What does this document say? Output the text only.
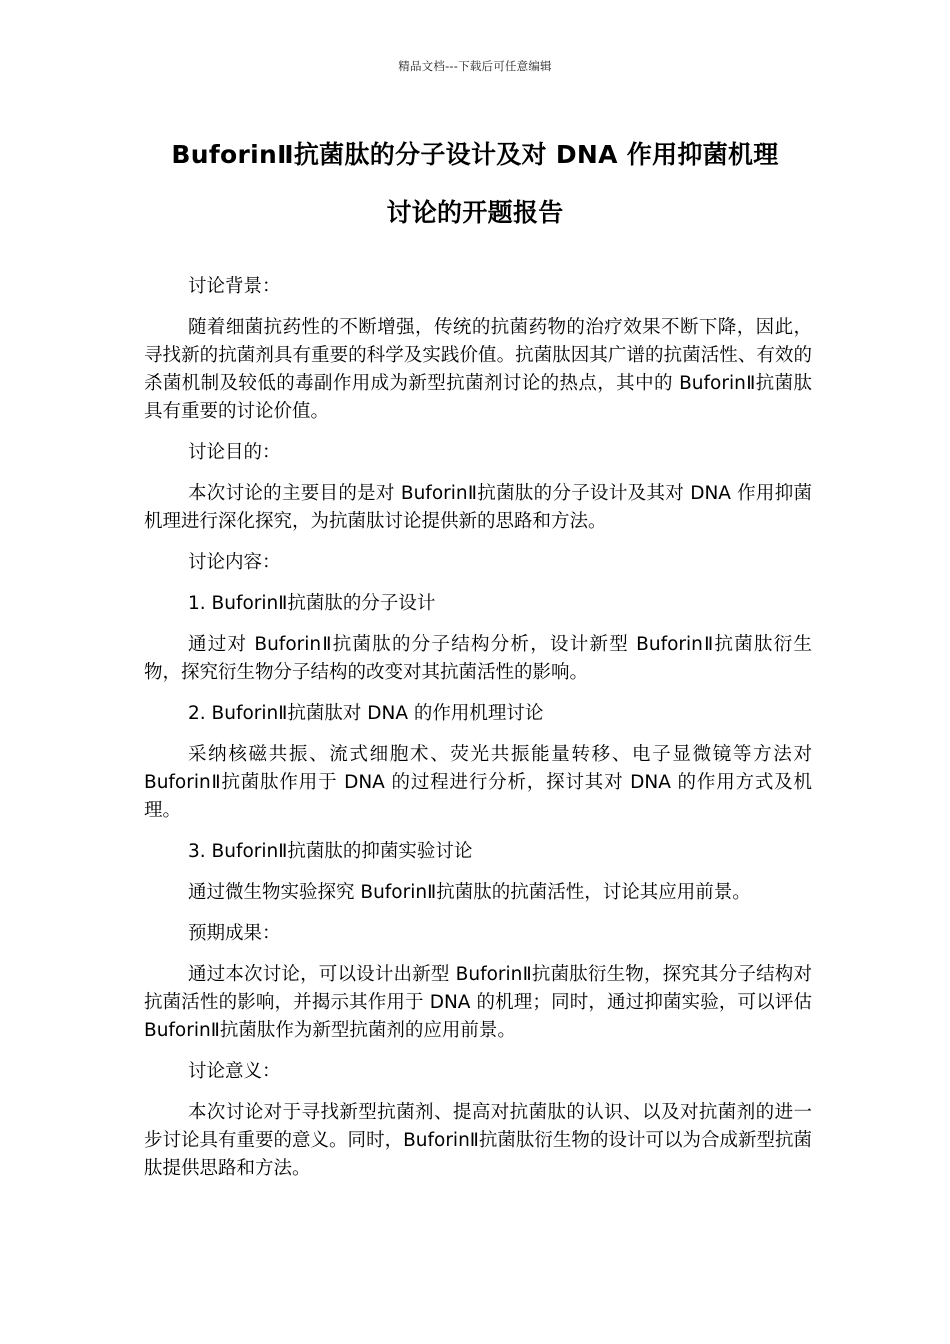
精品文档---下载后可任意编辑
BuforinⅡ抗菌肽的分子设计及对 DNA 作用抑菌机理
讨论的开题报告

讨论背景：

随着细菌抗药性的不断增强，传统的抗菌药物的治疗效果不断下降，因此，寻找新的抗菌剂具有重要的科学及实践价值。抗菌肽因其广谱的抗菌活性、有效的杀菌机制及较低的毒副作用成为新型抗菌剂讨论的热点，其中的 BuforinⅡ抗菌肽具有重要的讨论价值。

讨论目的：

本次讨论的主要目的是对 BuforinⅡ抗菌肽的分子设计及其对 DNA 作用抑菌机理进行深化探究，为抗菌肽讨论提供新的思路和方法。

讨论内容：

1. BuforinⅡ抗菌肽的分子设计

通过对 BuforinⅡ抗菌肽的分子结构分析，设计新型 BuforinⅡ抗菌肽衍生物，探究衍生物分子结构的改变对其抗菌活性的影响。

2. BuforinⅡ抗菌肽对 DNA 的作用机理讨论

采纳核磁共振、流式细胞术、荧光共振能量转移、电子显微镜等方法对 BuforinⅡ抗菌肽作用于 DNA 的过程进行分析，探讨其对 DNA 的作用方式及机理。

3. BuforinⅡ抗菌肽的抑菌实验讨论

通过微生物实验探究 BuforinⅡ抗菌肽的抗菌活性，讨论其应用前景。

预期成果：

通过本次讨论，可以设计出新型 BuforinⅡ抗菌肽衍生物，探究其分子结构对抗菌活性的影响，并揭示其作用于 DNA 的机理；同时，通过抑菌实验，可以评估 BuforinⅡ抗菌肽作为新型抗菌剂的应用前景。

讨论意义：

本次讨论对于寻找新型抗菌剂、提高对抗菌肽的认识、以及对抗菌剂的进一步讨论具有重要的意义。同时，BuforinⅡ抗菌肽衍生物的设计可以为合成新型抗菌肽提供思路和方法。
